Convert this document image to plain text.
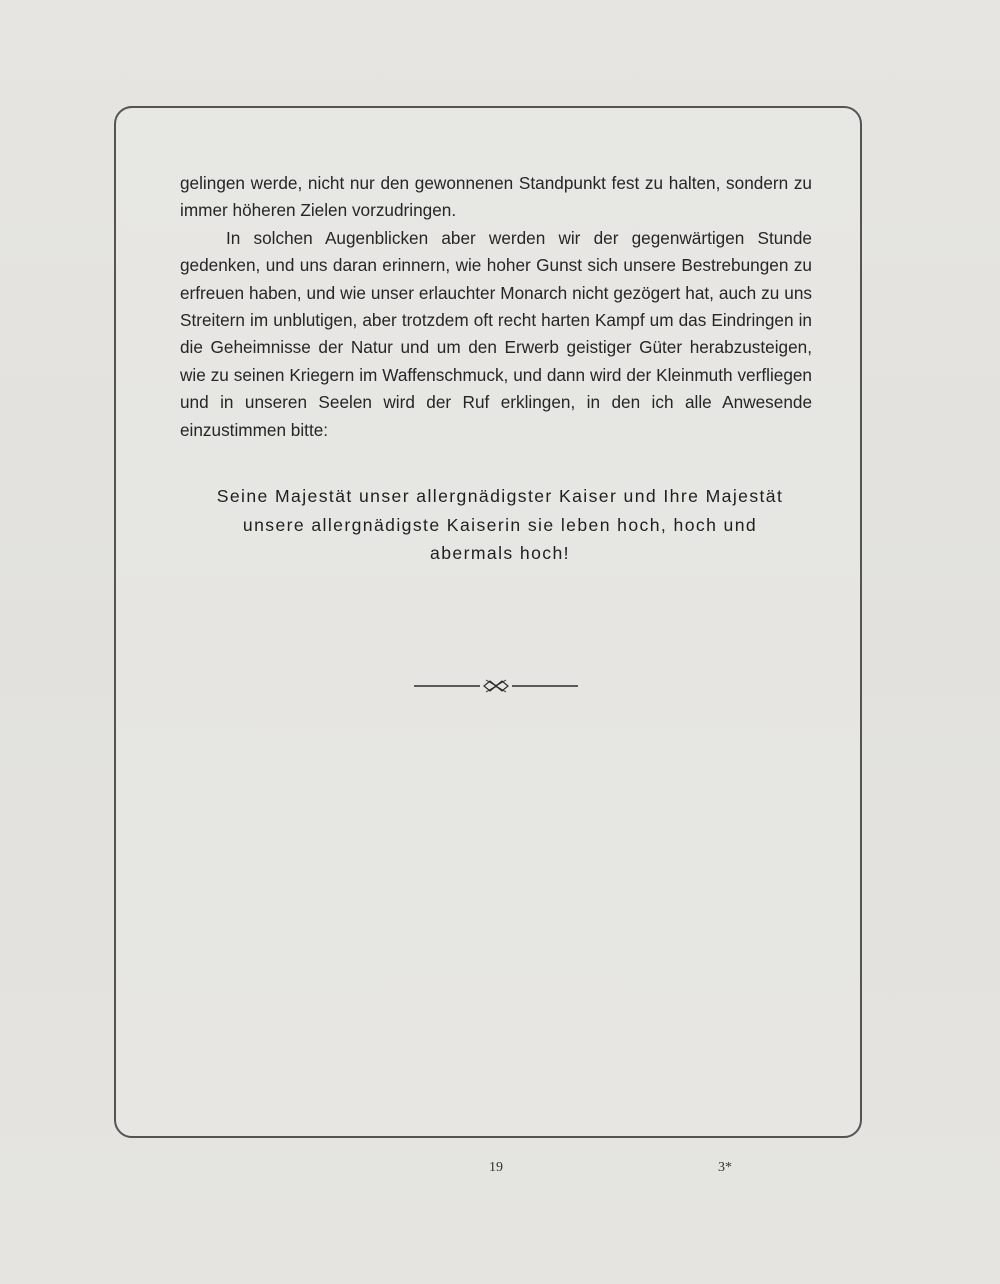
gelingen werde, nicht nur den gewonnenen Standpunkt fest zu halten, sondern zu immer höheren Zielen vorzudringen.

In solchen Augenblicken aber werden wir der gegenwärtigen Stunde gedenken, und uns daran erinnern, wie hoher Gunst sich unsere Bestrebungen zu erfreuen haben, und wie unser erlauchter Monarch nicht gezögert hat, auch zu uns Streitern im unblutigen, aber trotzdem oft recht harten Kampf um das Eindringen in die Geheimnisse der Natur und um den Erwerb geistiger Güter herabzusteigen, wie zu seinen Kriegern im Waffenschmuck, und dann wird der Kleinmuth verfliegen und in unseren Seelen wird der Ruf erklingen, in den ich alle Anwesende einzustimmen bitte:

Seine Majestät unser allergnädigster Kaiser und Ihre Majestät

unsere allergnädigste Kaiserin sie leben hoch, hoch und

abermals hoch!

19	3*
